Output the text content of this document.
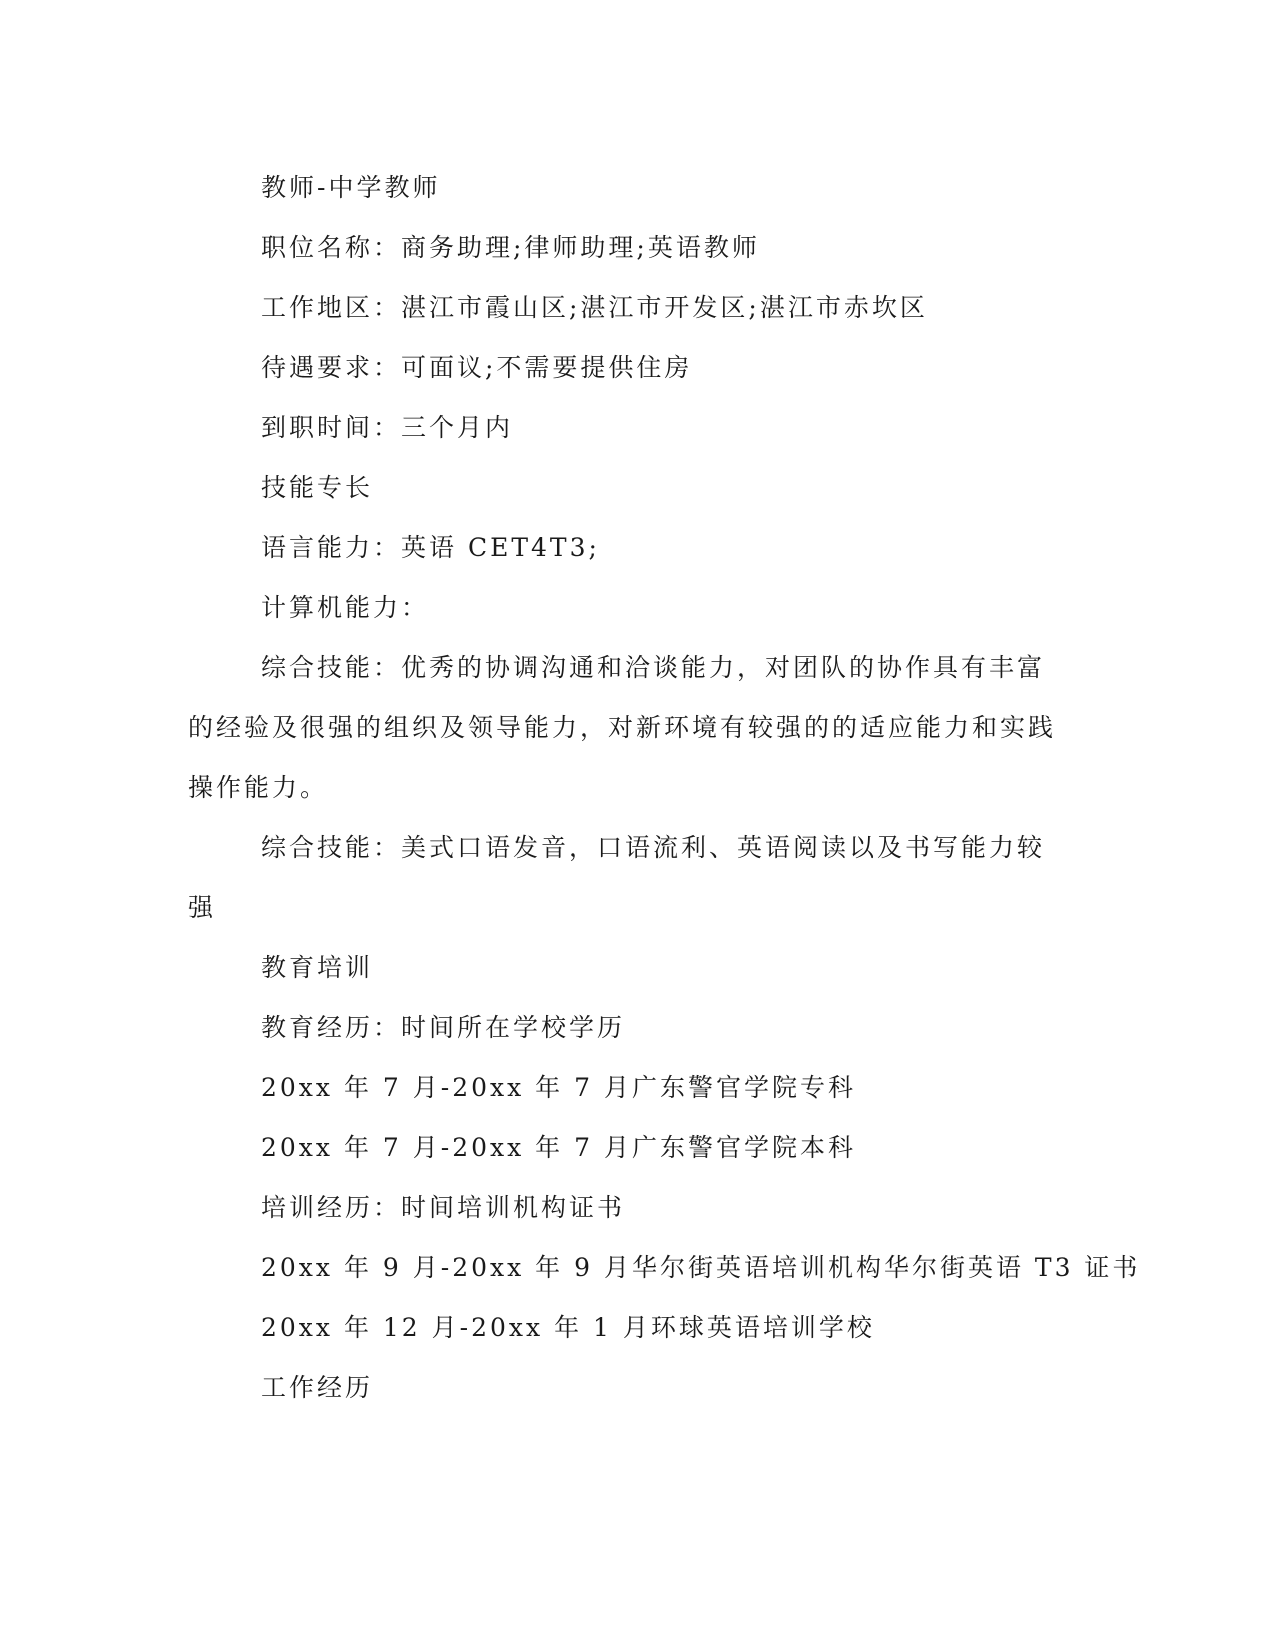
教师-中学教师

职位名称：商务助理;律师助理;英语教师

工作地区：湛江市霞山区;湛江市开发区;湛江市赤坎区

待遇要求：可面议;不需要提供住房

到职时间：三个月内

技能专长

语言能力：英语 CET4T3;

计算机能力：

综合技能：优秀的协调沟通和洽谈能力，对团队的协作具有丰富的经验及很强的组织及领导能力，对新环境有较强的的适应能力和实践操作能力。

综合技能：美式口语发音，口语流利、英语阅读以及书写能力较强

教育培训

教育经历：时间所在学校学历

20xx 年 7 月-20xx 年 7 月广东警官学院专科

20xx 年 7 月-20xx 年 7 月广东警官学院本科

培训经历：时间培训机构证书

20xx 年 9 月-20xx 年 9 月华尔街英语培训机构华尔街英语 T3 证书

20xx 年 12 月-20xx 年 1 月环球英语培训学校

工作经历
